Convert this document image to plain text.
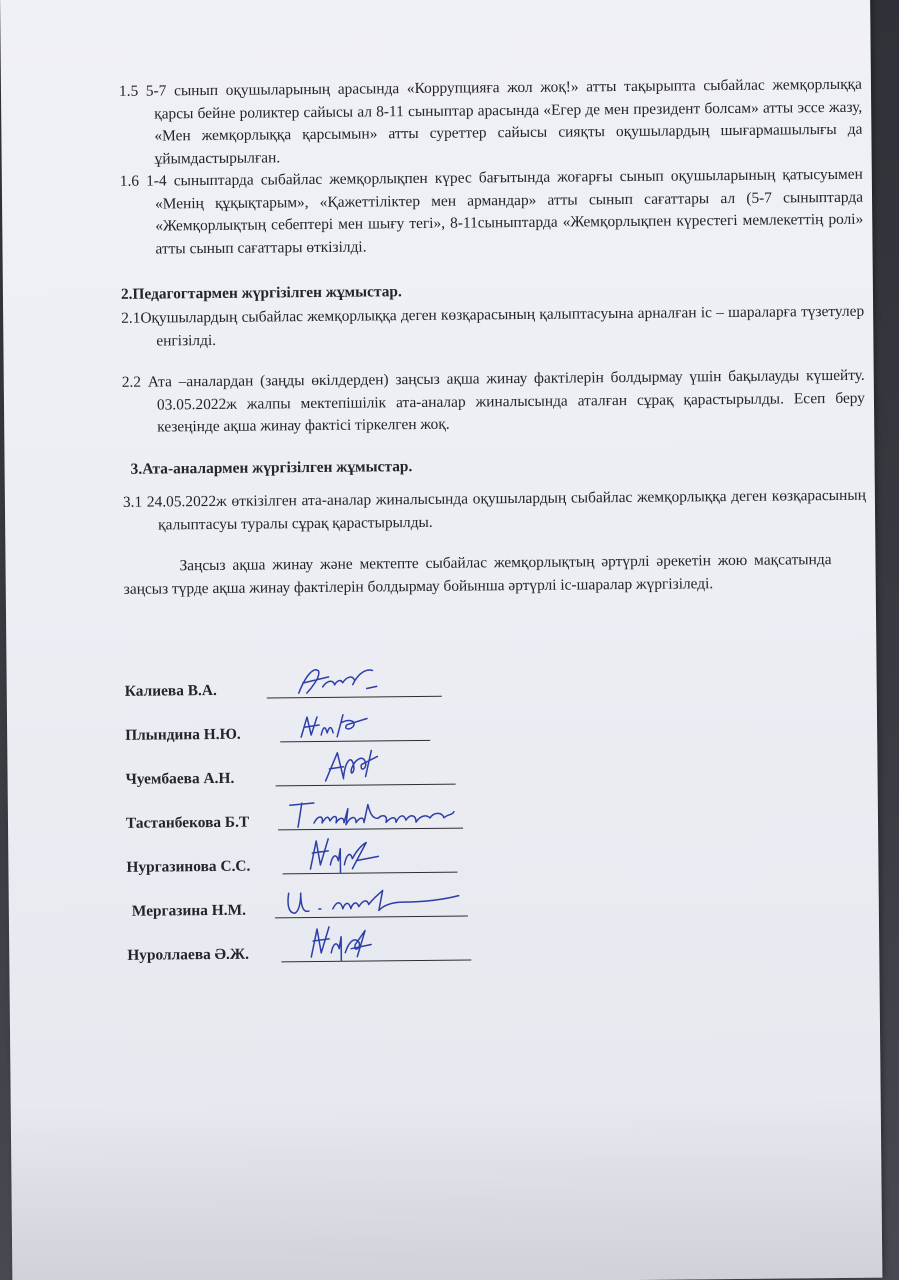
1.5 5-7 сынып оқушыларының арасында «Коррупцияға жол жоқ!» атты тақырыпта сыбайлас жемқорлыққа қарсы бейне роликтер сайысы ал 8-11 сыныптар арасында «Егер де мен президент болсам» атты эссе жазу, «Мен жемқорлыққа қарсымын» атты суреттер сайысы сияқты оқушылардың шығармашылығы да ұйымдастырылған.

1.6 1-4 сыныптарда сыбайлас жемқорлықпен күрес бағытында жоғарғы сынып оқушыларының қатысуымен «Менің құқықтарым», «Қажеттіліктер мен армандар» атты сынып сағаттары ал (5-7 сыныптарда «Жемқорлықтың себептері мен шығу тегі», 8-11сыныптарда «Жемқорлықпен күрестегі мемлекеттің ролі» атты сынып сағаттары өткізілді.

2.Педагогтармен жүргізілген жұмыстар.

2.1Оқушылардың сыбайлас жемқорлыққа деген көзқарасының қалыптасуына арналған іс – шараларға түзетулер енгізілді.

2.2 Ата –аналардан (заңды өкілдерден) заңсыз ақша жинау фактілерін болдырмау үшін бақылауды күшейту. 03.05.2022ж жалпы мектепішілік ата-аналар жиналысында аталған сұрақ қарастырылды. Есеп беру кезеңінде ақша жинау фактісі тіркелген жоқ.

3.Ата-аналармен жүргізілген жұмыстар.

3.1 24.05.2022ж өткізілген ата-аналар жиналысында оқушылардың сыбайлас жемқорлыққа деген көзқарасының қалыптасуы туралы сұрақ қарастырылды.

Заңсыз ақша жинау және мектепте сыбайлас жемқорлықтың әртүрлі әрекетін жою мақсатында заңсыз түрде ақша жинау фактілерін болдырмау бойынша әртүрлі іс-шаралар жүргізіледі.

Калиева В.А.
Плындина Н.Ю.
Чуембаева А.Н.
Тастанбекова Б.Т
Нургазинова С.С.
Мергазина Н.М.
Нуроллаева Ә.Ж.
